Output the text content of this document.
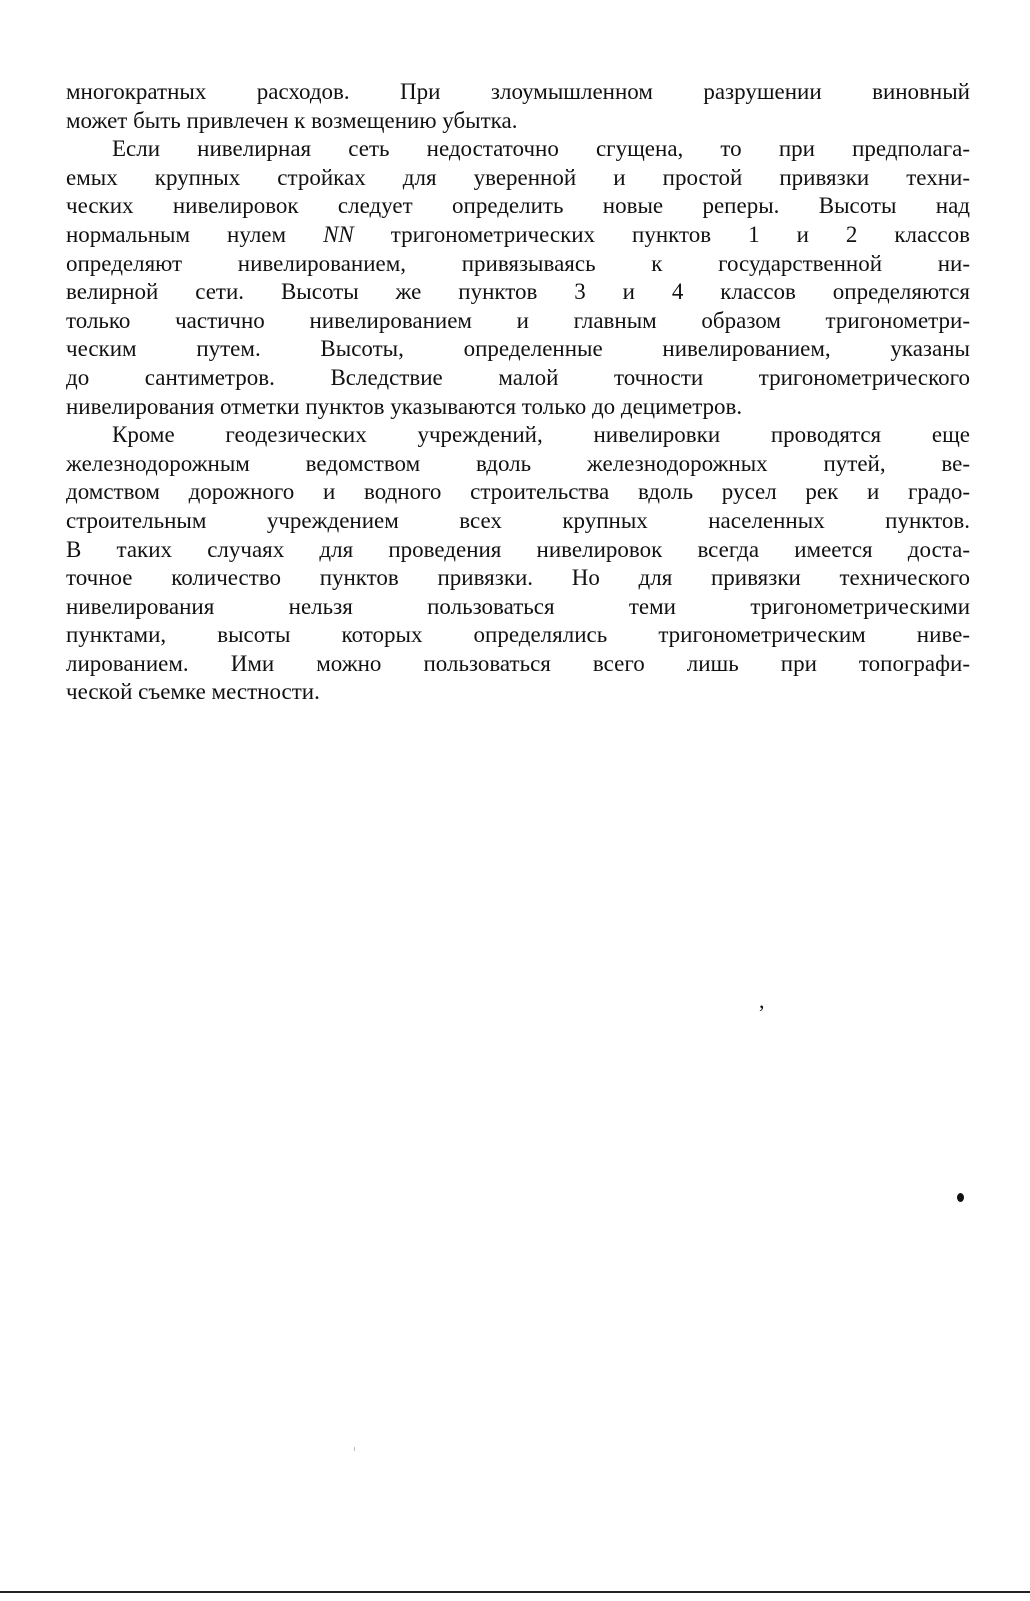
многократных расходов. При злоумышленном разрушении виновный
может быть привлечен к возмещению убытка.
Если нивелирная сеть недостаточно сгущена, то при предполага-
емых крупных стройках для уверенной и простой привязки техни-
ческих нивелировок следует определить новые реперы. Высоты над
нормальным нулем NN тригонометрических пунктов 1 и 2 классов
определяют нивелированием, привязываясь к государственной ни-
велирной сети. Высоты же пунктов 3 и 4 классов определяются
только частично нивелированием и главным образом тригонометри-
ческим путем. Высоты, определенные нивелированием, указаны
до сантиметров. Вследствие малой точности тригонометрического
нивелирования отметки пунктов указываются только до дециметров.
Кроме геодезических учреждений, нивелировки проводятся еще
железнодорожным ведомством вдоль железнодорожных путей, ве-
домством дорожного и водного строительства вдоль русел рек и градо-
строительным учреждением всех крупных населенных пунктов.
В таких случаях для проведения нивелировок всегда имеется доста-
точное количество пунктов привязки. Но для привязки технического
нивелирования нельзя пользоваться теми тригонометрическими
пунктами, высоты которых определялись тригонометрическим ниве-
лированием. Ими можно пользоваться всего лишь при топографи-
ческой съемке местности.
,
